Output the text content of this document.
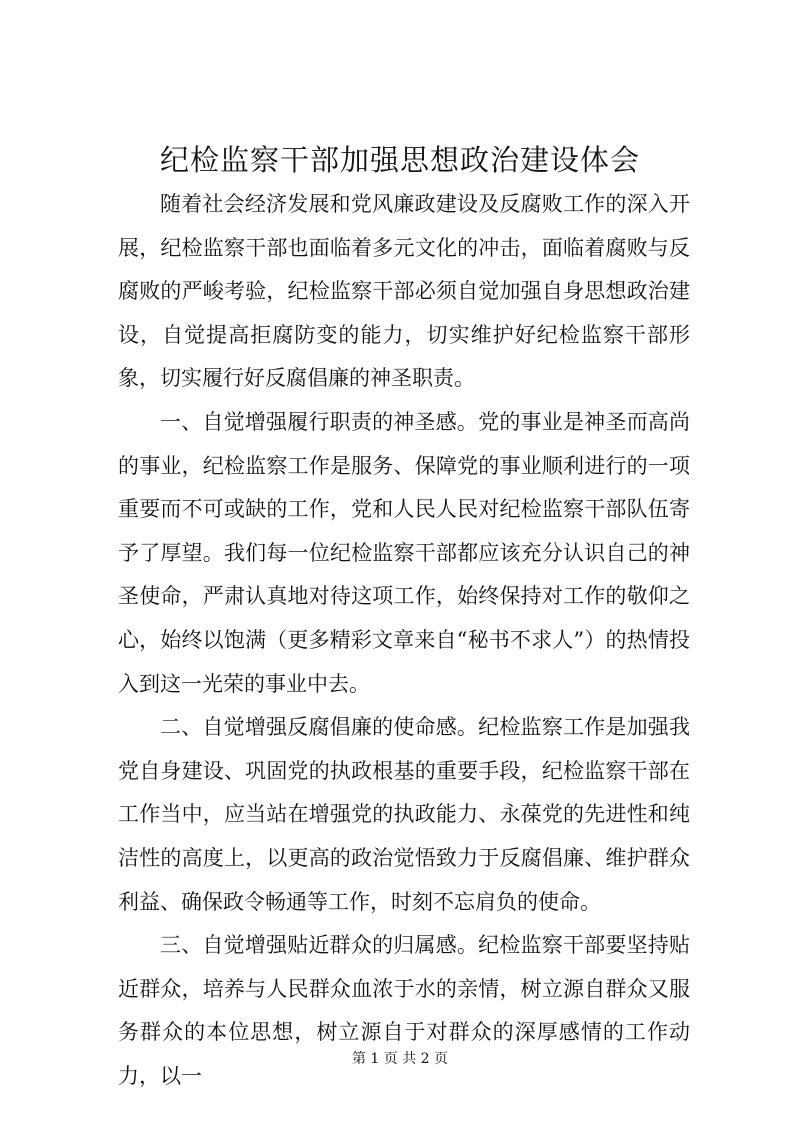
纪检监察干部加强思想政治建设体会

随着社会经济发展和党风廉政建设及反腐败工作的深入开展，纪检监察干部也面临着多元文化的冲击，面临着腐败与反腐败的严峻考验，纪检监察干部必须自觉加强自身思想政治建设，自觉提高拒腐防变的能力，切实维护好纪检监察干部形象，切实履行好反腐倡廉的神圣职责。

一、自觉增强履行职责的神圣感。党的事业是神圣而高尚的事业，纪检监察工作是服务、保障党的事业顺利进行的一项重要而不可或缺的工作，党和人民人民对纪检监察干部队伍寄予了厚望。我们每一位纪检监察干部都应该充分认识自己的神圣使命，严肃认真地对待这项工作，始终保持对工作的敬仰之心，始终以饱满（更多精彩文章来自“秘书不求人”）的热情投入到这一光荣的事业中去。

二、自觉增强反腐倡廉的使命感。纪检监察工作是加强我党自身建设、巩固党的执政根基的重要手段，纪检监察干部在工作当中，应当站在增强党的执政能力、永葆党的先进性和纯洁性的高度上，以更高的政治觉悟致力于反腐倡廉、维护群众利益、确保政令畅通等工作，时刻不忘肩负的使命。

三、自觉增强贴近群众的归属感。纪检监察干部要坚持贴近群众，培养与人民群众血浓于水的亲情，树立源自群众又服务群众的本位思想，树立源自于对群众的深厚感情的工作动力，以一

第 1 页 共 2 页
